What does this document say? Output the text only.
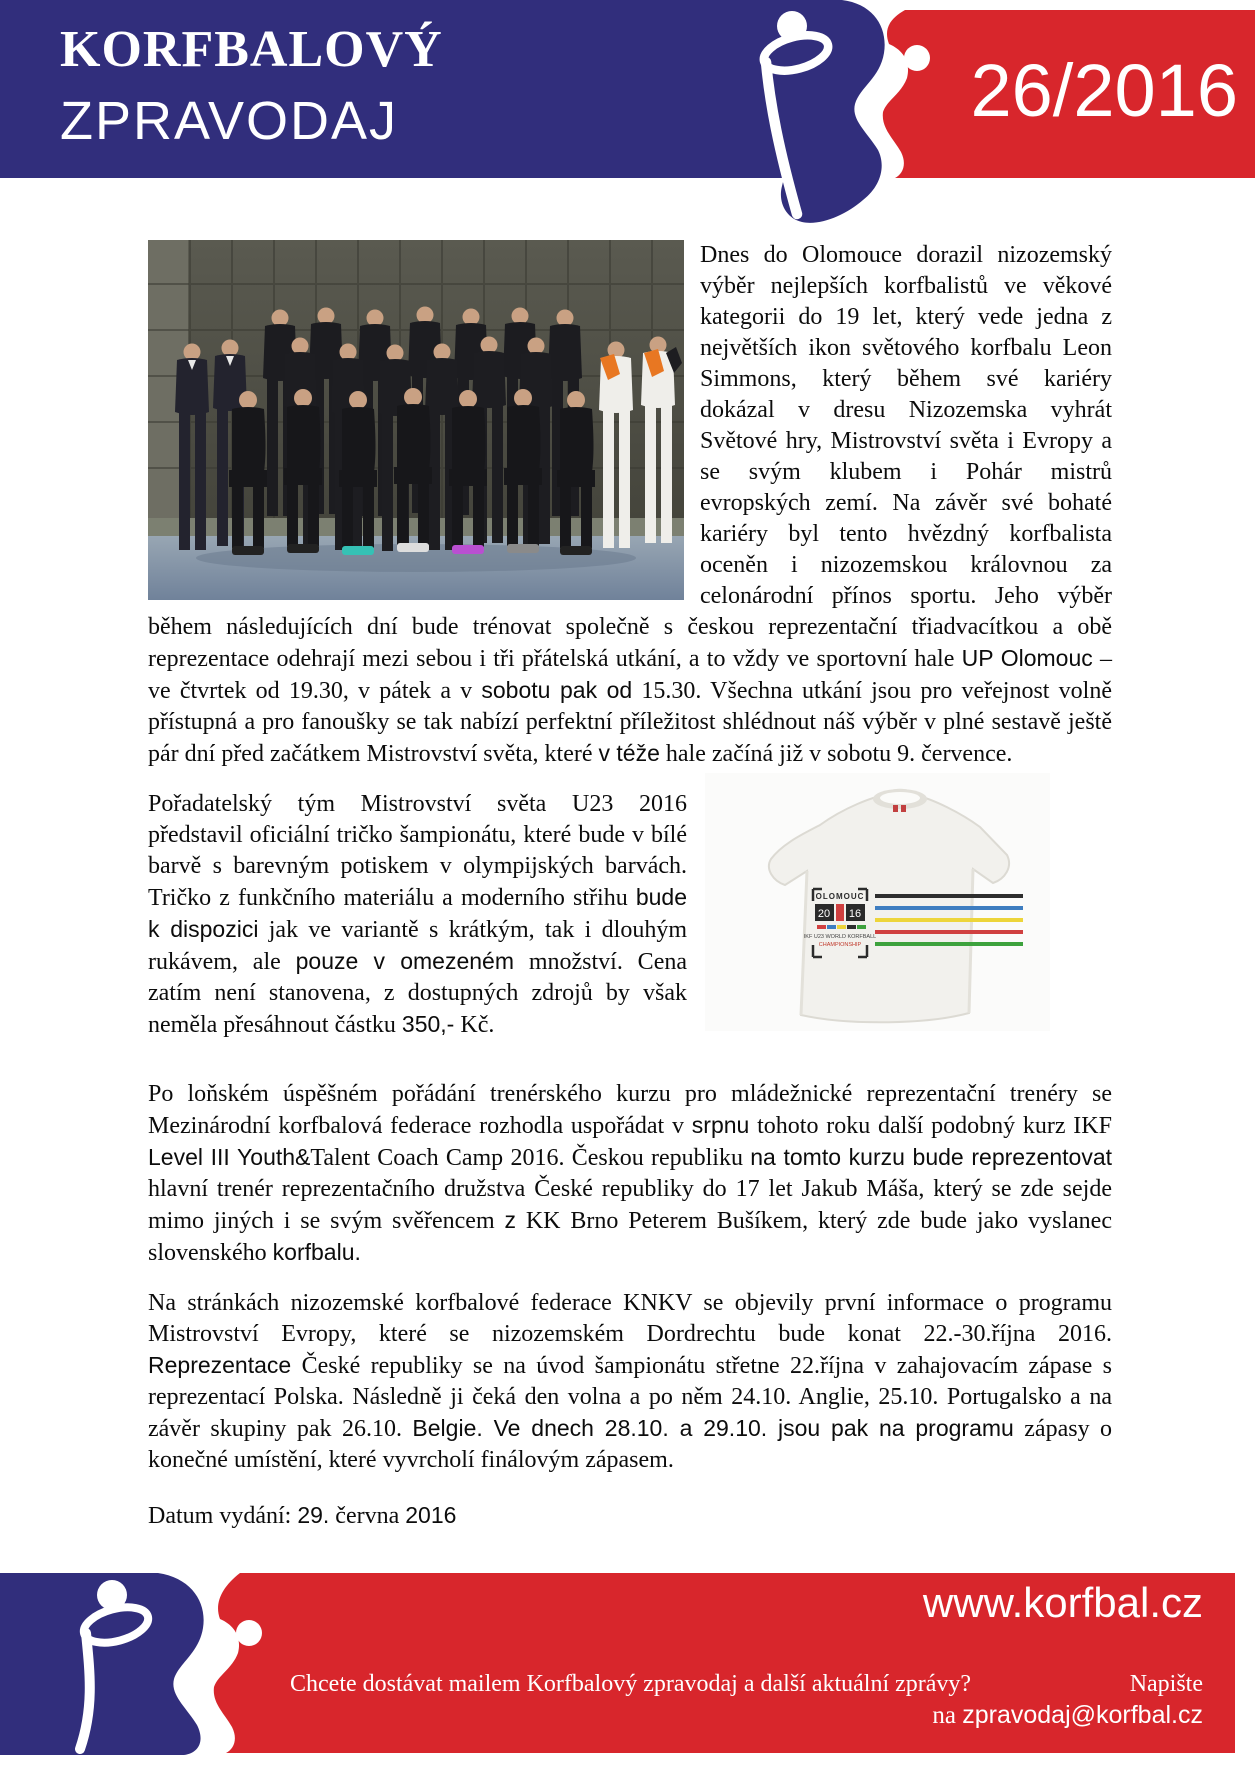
KORFBALOVÝ
ZPRAVODAJ	26/2016
Dnes do Olomouce dorazil nizozemský výběr nejlepších korfbalistů ve věkové kategorii do 19 let, který vede jedna z největších ikon světového korfbalu Leon Simmons, který během své kariéry dokázal v dresu Nizozemska vyhrát Světové hry, Mistrovství světa i Evropy a se svým klubem i Pohár mistrů evropských zemí. Na závěr své bohaté kariéry byl tento hvězdný korfbalista oceněn i nizozemskou královnou za celonárodní přínos sportu. Jeho výběr během následujících dní bude trénovat společně s českou reprezentační třiadvacítkou a obě reprezentace odehrají mezi sebou i tři přátelská utkání, a to vždy ve sportovní hale UP Olomouc – ve čtvrtek od 19.30, v pátek a v sobotu pak od 15.30. Všechna utkání jsou pro veřejnost volně přístupná a pro fanoušky se tak nabízí perfektní příležitost shlédnout náš výběr v plné sestavě ještě pár dní před začátkem Mistrovství světa, které v téže hale začíná již v sobotu 9. července.
OLOMOUC
20 16
IKF U23 WORLD KORFBALL
CHAMPIONSHIP
Pořadatelský tým Mistrovství světa U23 2016 představil oficiální tričko šampionátu, které bude v bílé barvě s barevným potiskem v olympijských barvách. Tričko z funkčního materiálu a moderního střihu bude k dispozici jak ve variantě s krátkým, tak i dlouhým rukávem, ale pouze v omezeném množství. Cena zatím není stanovena, z dostupných zdrojů by však neměla přesáhnout částku 350,- Kč.
Po loňském úspěšném pořádání trenérského kurzu pro mládežnické reprezentační trenéry se Mezinárodní korfbalová federace rozhodla uspořádat v srpnu tohoto roku další podobný kurz IKF Level III Youth&Talent Coach Camp 2016. Českou republiku na tomto kurzu bude reprezentovat hlavní trenér reprezentačního družstva České republiky do 17 let Jakub Máša, který se zde sejde mimo jiných i se svým svěřencem z KK Brno Peterem Bušíkem, který zde bude jako vyslanec slovenského korfbalu.
Na stránkách nizozemské korfbalové federace KNKV se objevily první informace o programu Mistrovství Evropy, které se nizozemském Dordrechtu bude konat 22.-30.října 2016. Reprezentace České republiky se na úvod šampionátu střetne 22.října v zahajovacím zápase s reprezentací Polska. Následně ji čeká den volna a po něm 24.10. Anglie, 25.10. Portugalsko a na závěr skupiny pak 26.10. Belgie. Ve dnech 28.10. a 29.10. jsou pak na programu zápasy o konečné umístění, které vyvrcholí finálovým zápasem.
Datum vydání: 29. června 2016
www.korfbal.cz
Chcete dostávat mailem Korfbalový zpravodaj a další aktuální zprávy?	Napište
na zpravodaj@korfbal.cz
